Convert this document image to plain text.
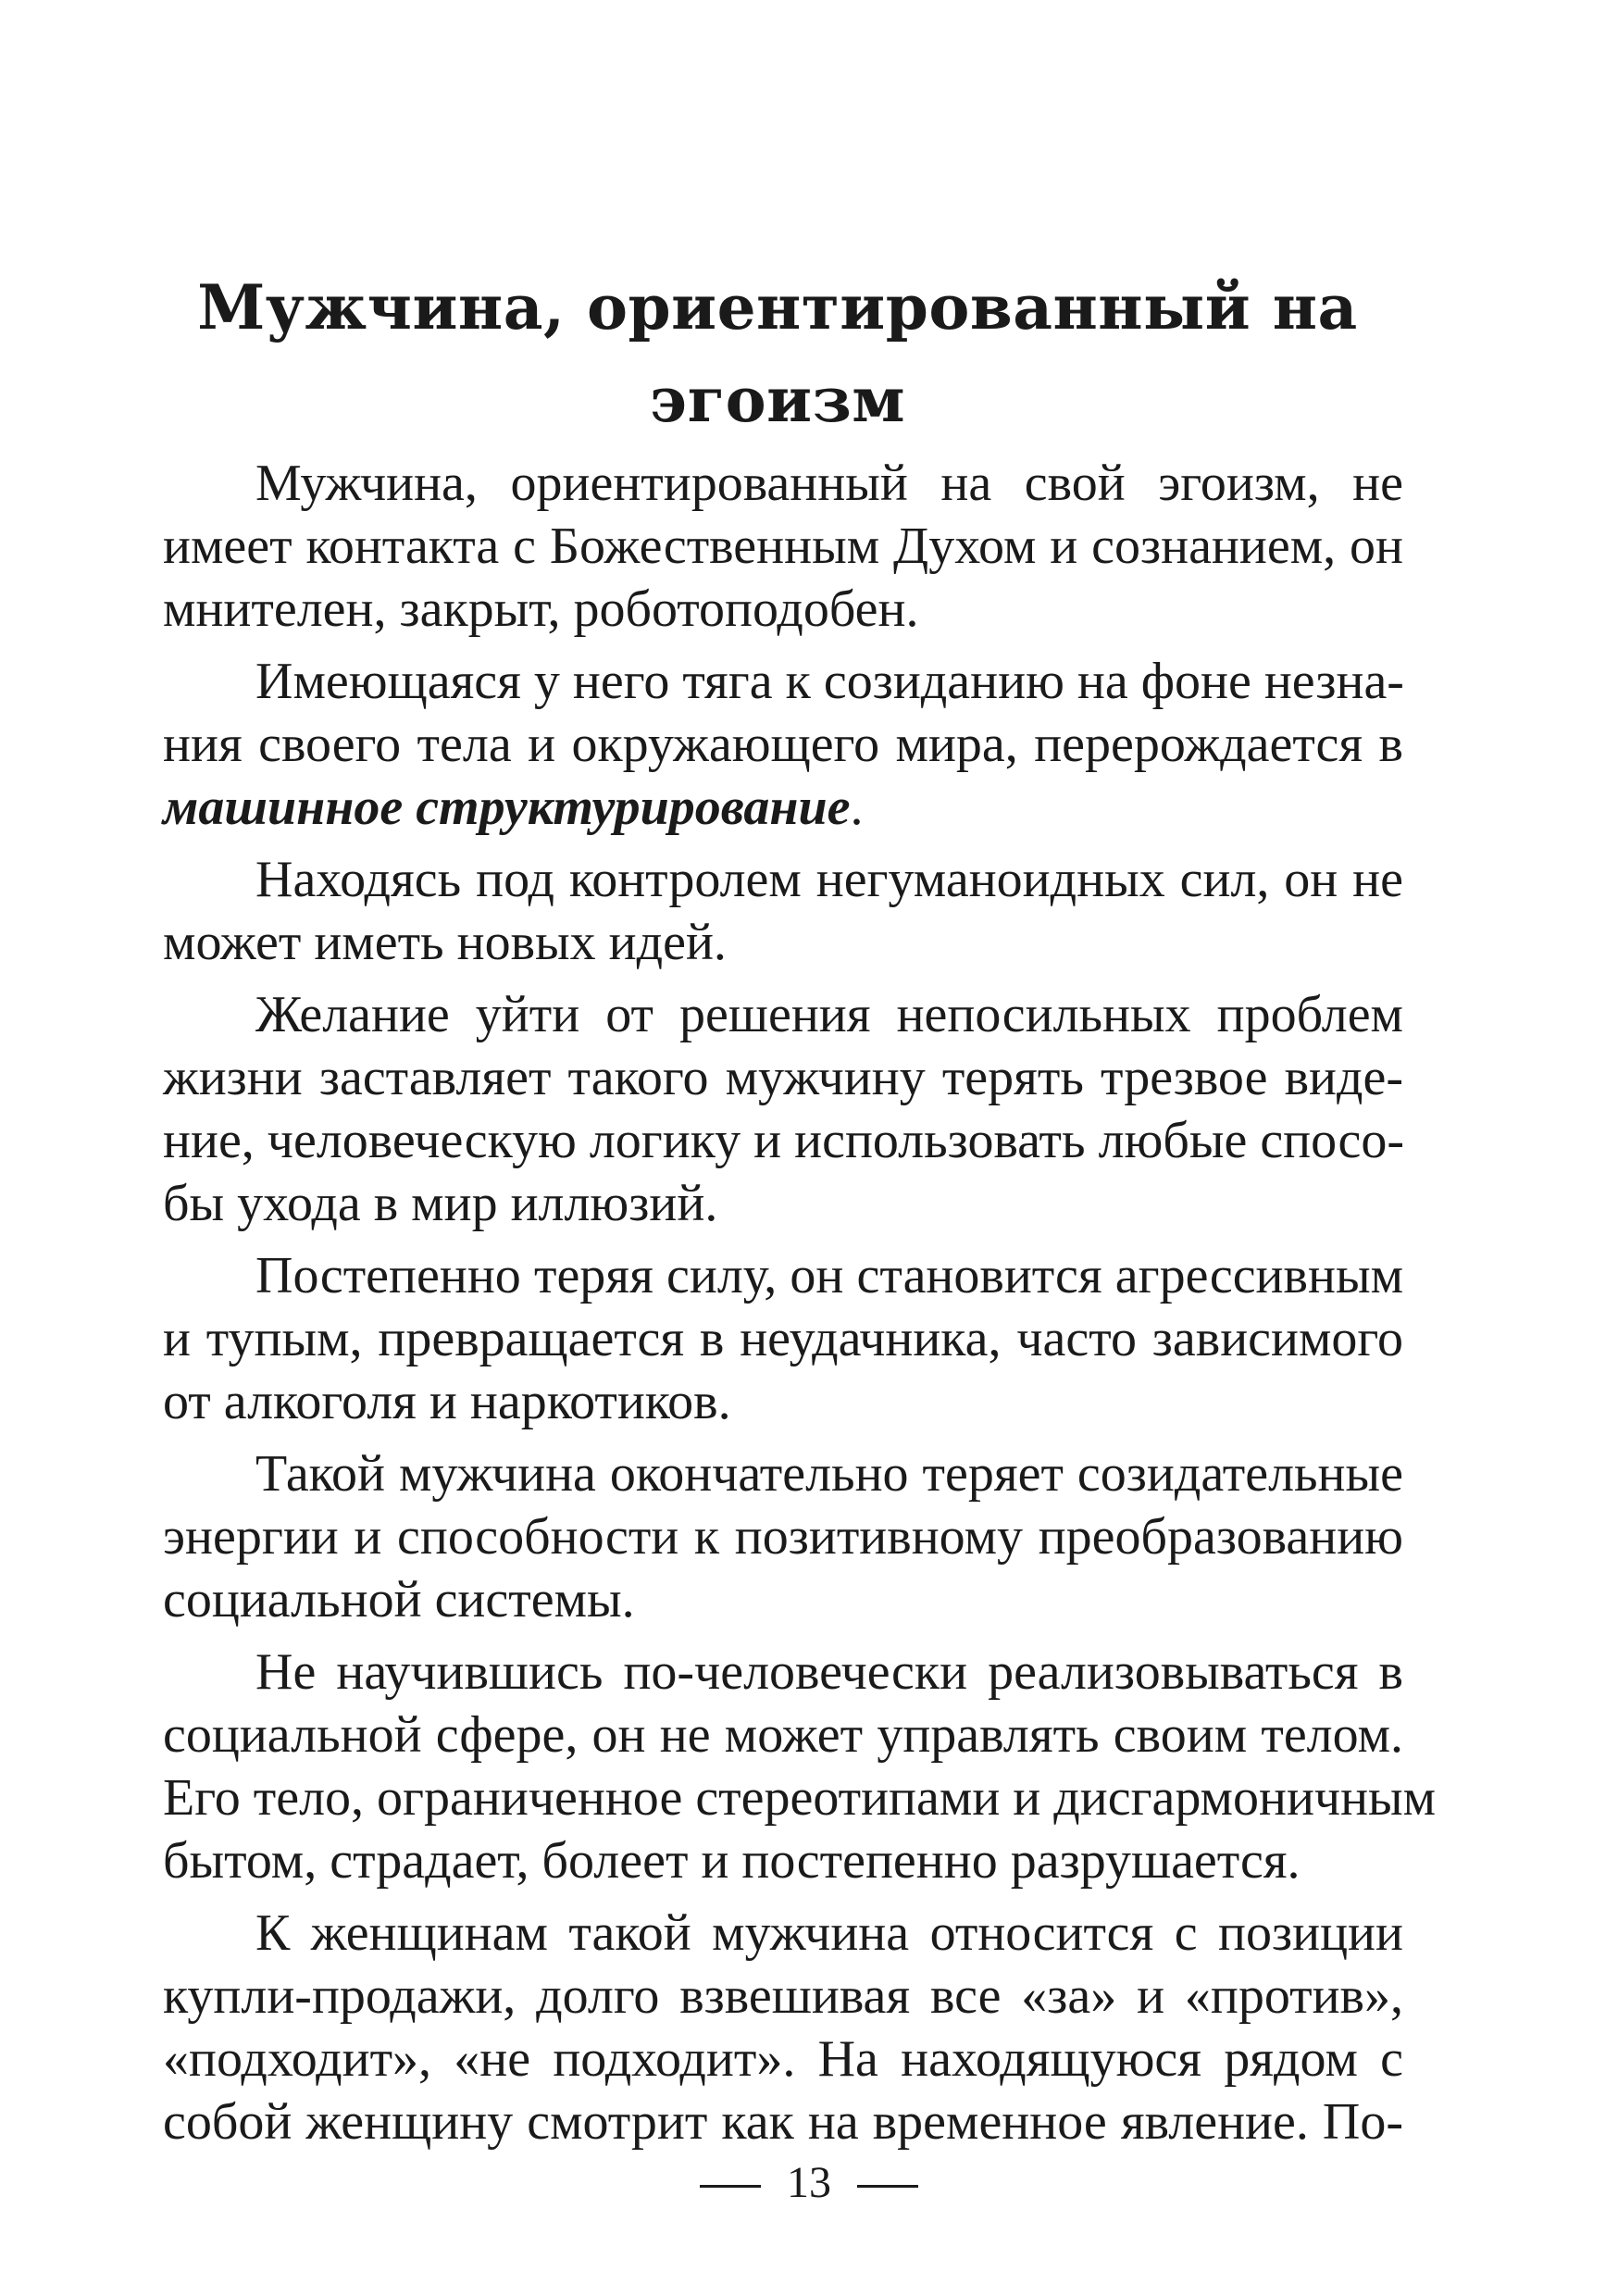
Мужчина, ориентированный на
эгоизм

Мужчина, ориентированный на свой эгоизм, не
имеет контакта с Божественным Духом и сознанием, он
мнителен, закрыт, роботоподобен.

Имеющаяся у него тяга к созиданию на фоне незна-
ния своего тела и окружающего мира, перерождается в
машинное структурирование.

Находясь под контролем негуманоидных сил, он не
может иметь новых идей.

Желание уйти от решения непосильных проблем
жизни заставляет такого мужчину терять трезвое виде-
ние, человеческую логику и использовать любые спосо-
бы ухода в мир иллюзий.

Постепенно теряя силу, он становится агрессивным
и тупым, превращается в неудачника, часто зависимого
от алкоголя и наркотиков.

Такой мужчина окончательно теряет созидательные
энергии и способности к позитивному преобразованию
социальной системы.

Не научившись по-человечески реализовываться в
социальной сфере, он не может управлять своим телом.
Его тело, ограниченное стереотипами и дисгармоничным
бытом, страдает, болеет и постепенно разрушается.

К женщинам такой мужчина относится с позиции
купли-продажи, долго взвешивая все «за» и «против»,
«подходит», «не подходит». На находящуюся рядом с
собой женщину смотрит как на временное явление. По-

13
